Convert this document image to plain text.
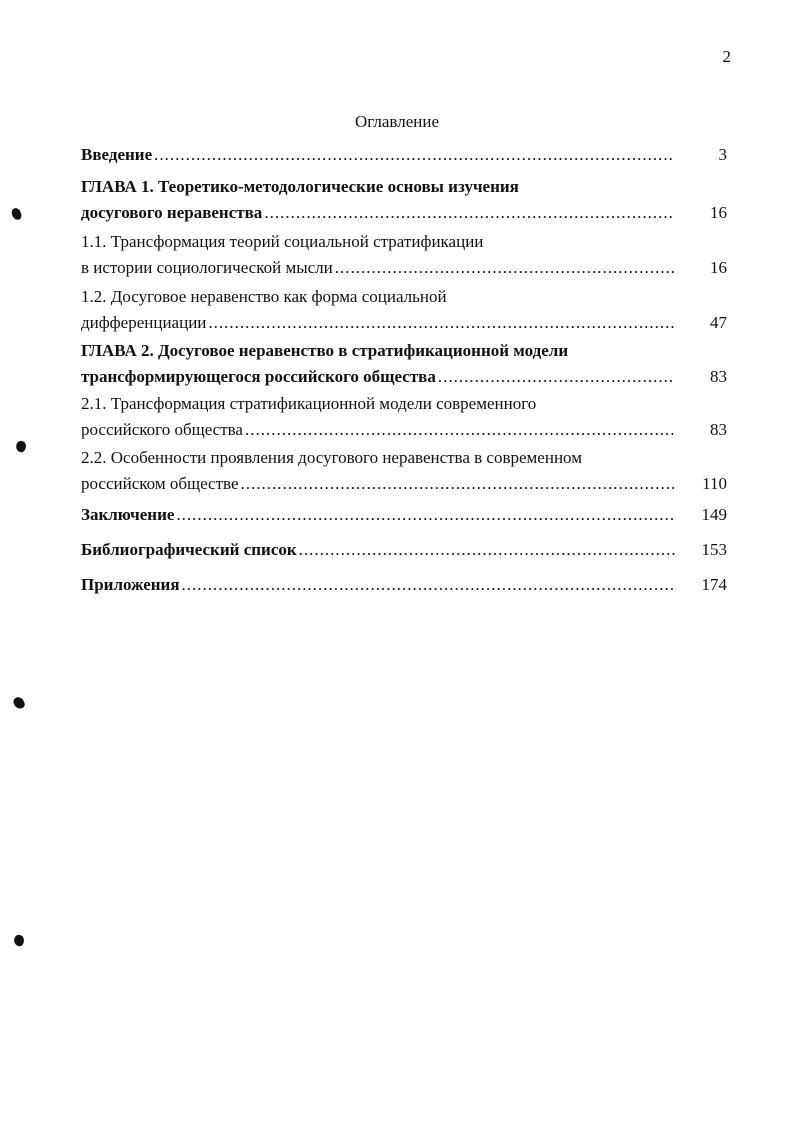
2
Оглавление
Введение .....	3
ГЛАВА 1. Теоретико-методологические основы изучения
досугового неравенства .....	16
1.1. Трансформация теорий социальной стратификации
в истории социологической мысли .....	16
1.2. Досуговое неравенство как форма социальной
дифференциации .....	47
ГЛАВА 2. Досуговое неравенство в стратификационной модели
трансформирующегося российского общества .....	83
2.1. Трансформация стратификационной модели современного
российского общества .....	83
2.2. Особенности проявления досугового неравенства в современном
российском обществе .....	110
Заключение .....	149
Библиографический список .....	153
Приложения .....	174
